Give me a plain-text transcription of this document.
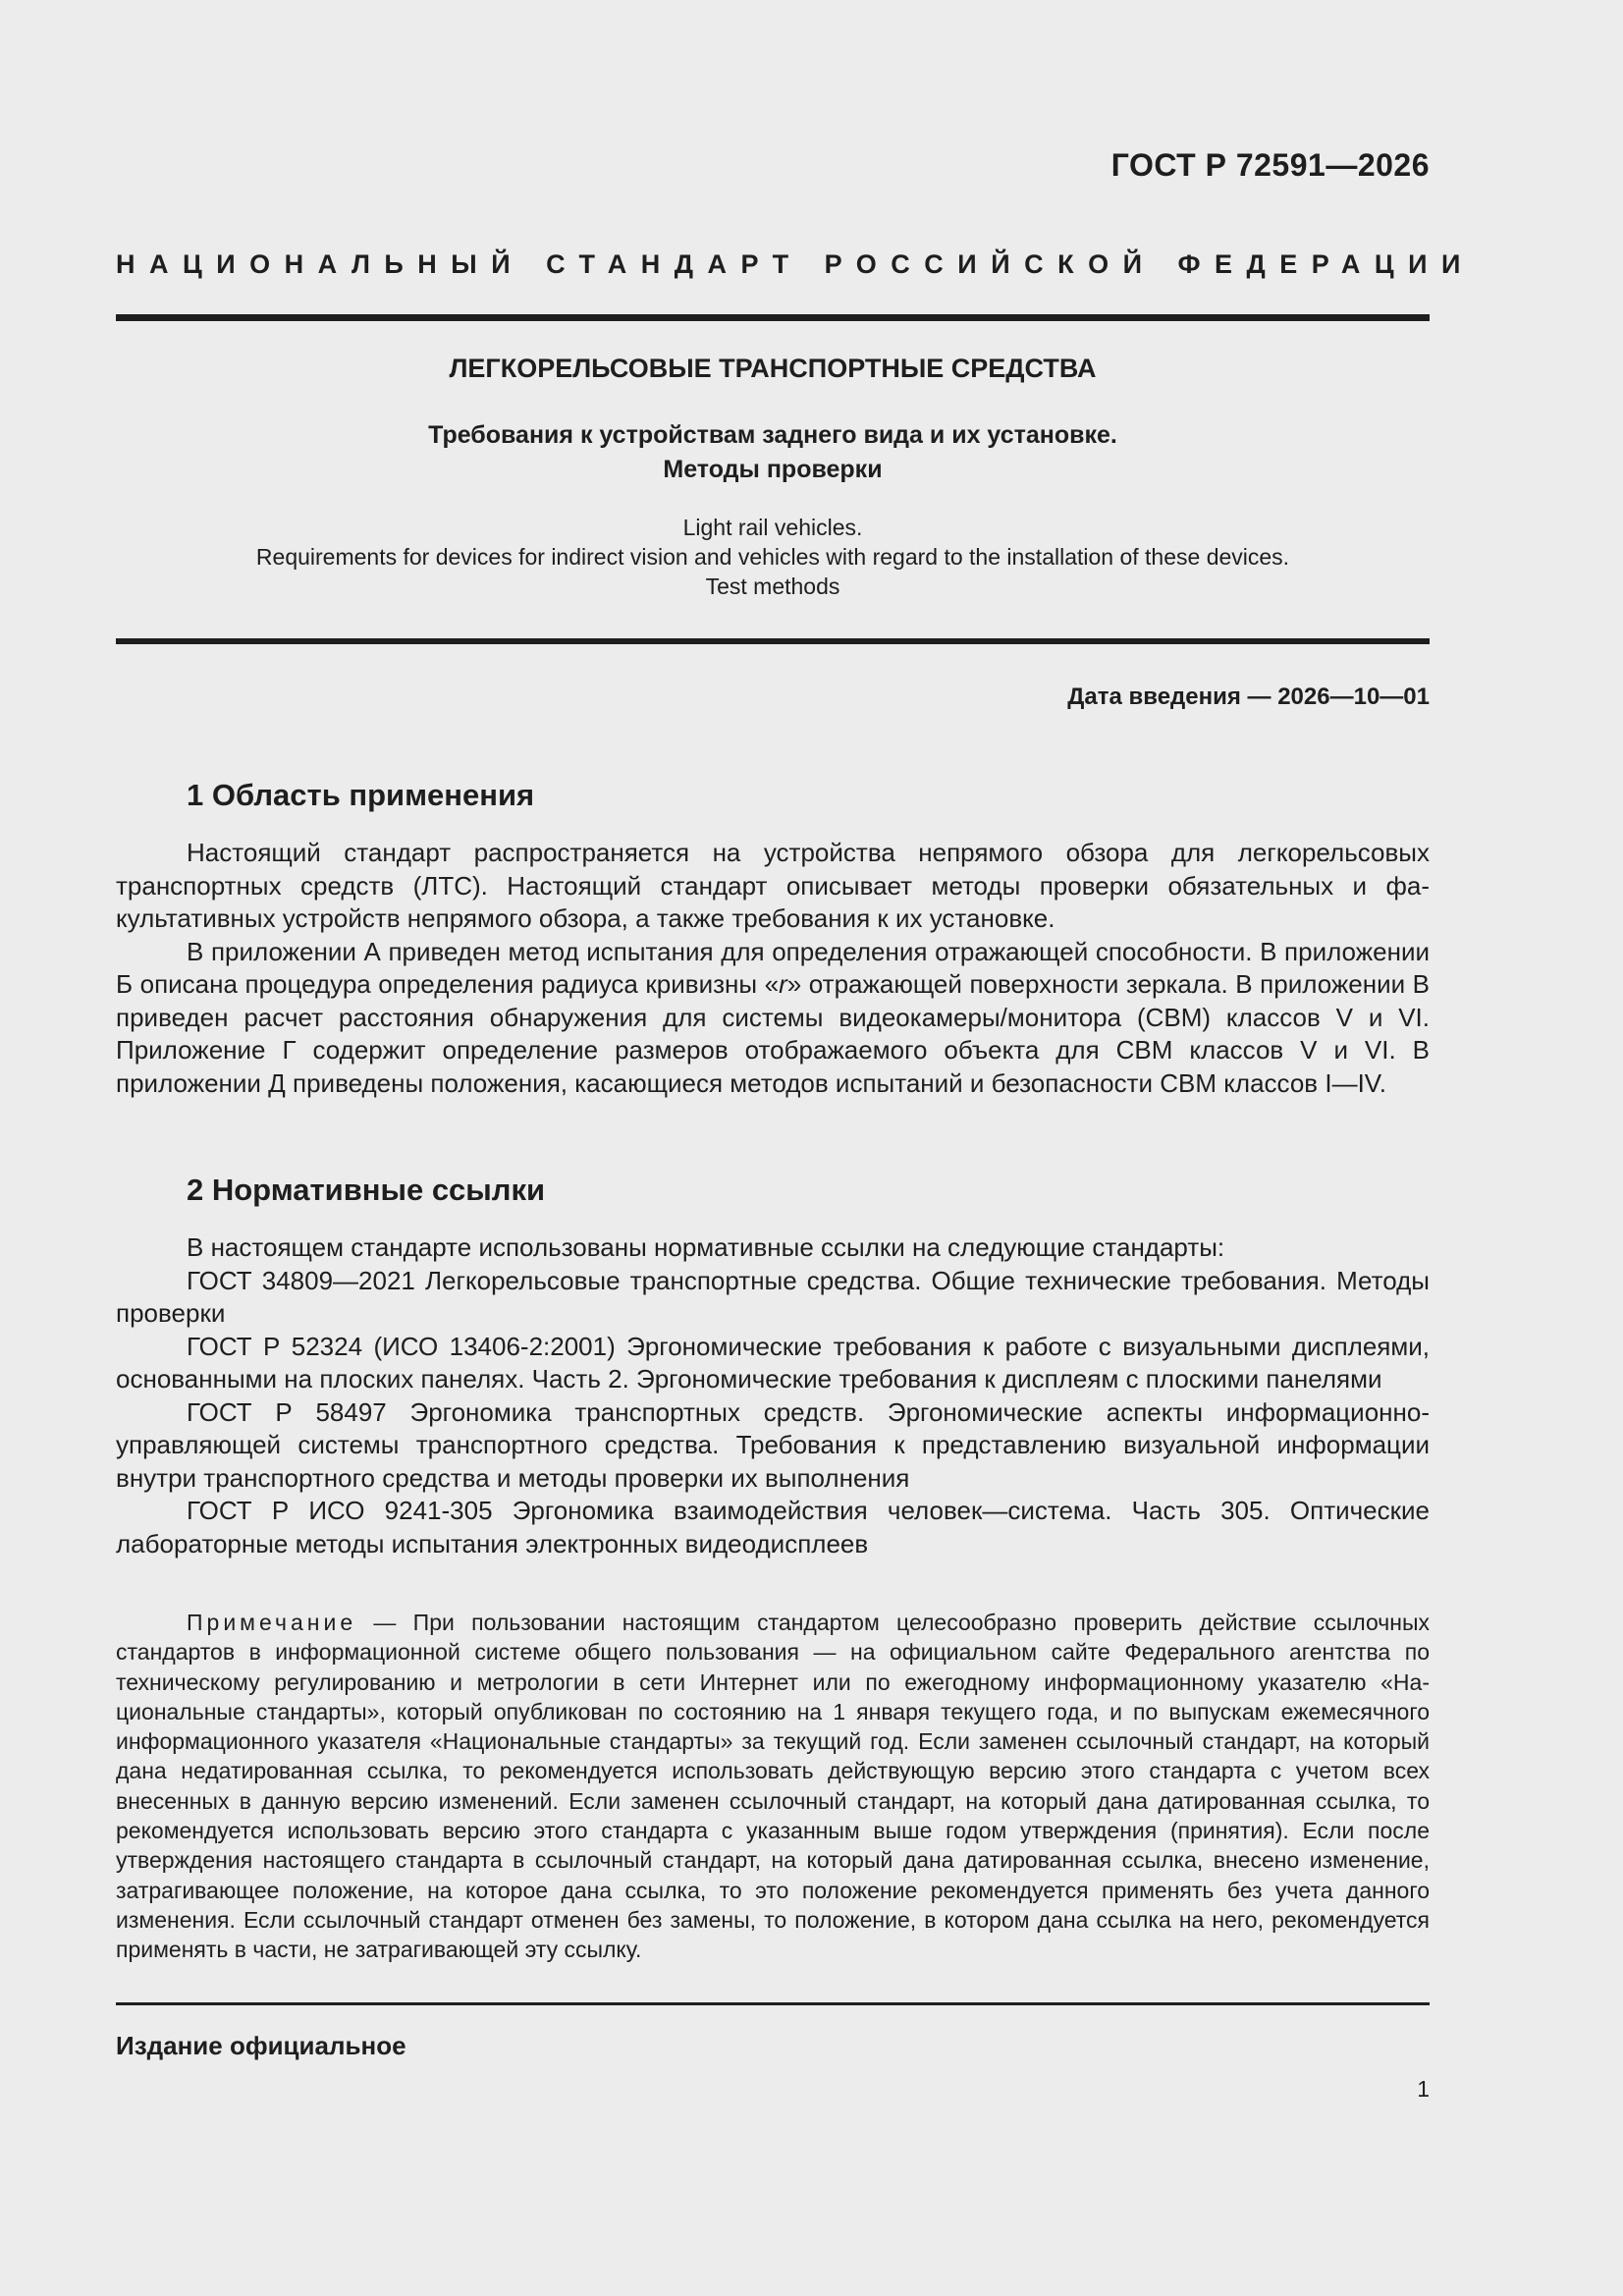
ГОСТ Р 72591—2026
НАЦИОНАЛЬНЫЙ СТАНДАРТ РОССИЙСКОЙ ФЕДЕРАЦИИ
ЛЕГКОРЕЛЬСОВЫЕ ТРАНСПОРТНЫЕ СРЕДСТВА
Требования к устройствам заднего вида и их установке.
Методы проверки
Light rail vehicles.
Requirements for devices for indirect vision and vehicles with regard to the installation of these devices.
Test methods
Дата введения — 2026—10—01
1 Область применения

Настоящий стандарт распространяется на устройства непрямого обзора для легкорельсовых транспортных средств (ЛТС). Настоящий стандарт описывает методы проверки обязательных и факультативных устройств непрямого обзора, а также требования к их установке.

В приложении А приведен метод испытания для определения отражающей способности. В приложении Б описана процедура определения радиуса кривизны «r» отражающей поверхности зеркала. В приложении В приведен расчет расстояния обнаружения для системы видеокамеры/монитора (СВМ) классов V и VI. Приложение Г содержит определение размеров отображаемого объекта для СВМ классов V и VI. В приложении Д приведены положения, касающиеся методов испытаний и безопасности СВМ классов I—IV.

2 Нормативные ссылки

В настоящем стандарте использованы нормативные ссылки на следующие стандарты:

ГОСТ 34809—2021 Легкорельсовые транспортные средства. Общие технические требования. Методы проверки

ГОСТ Р 52324 (ИСО 13406-2:2001) Эргономические требования к работе с визуальными дисплеями, основанными на плоских панелях. Часть 2. Эргономические требования к дисплеям с плоскими панелями

ГОСТ Р 58497 Эргономика транспортных средств. Эргономические аспекты информационно-управляющей системы транспортного средства. Требования к представлению визуальной информации внутри транспортного средства и методы проверки их выполнения

ГОСТ Р ИСО 9241-305 Эргономика взаимодействия человек—система. Часть 305. Оптические лабораторные методы испытания электронных видеодисплеев

Примечание — При пользовании настоящим стандартом целесообразно проверить действие ссылочных стандартов в информационной системе общего пользования — на официальном сайте Федерального агентства по техническому регулированию и метрологии в сети Интернет или по ежегодному информационному указателю «Национальные стандарты», который опубликован по состоянию на 1 января текущего года, и по выпускам ежемесячного информационного указателя «Национальные стандарты» за текущий год. Если заменен ссылочный стандарт, на который дана недатированная ссылка, то рекомендуется использовать действующую версию этого стандарта с учетом всех внесенных в данную версию изменений. Если заменен ссылочный стандарт, на который дана датированная ссылка, то рекомендуется использовать версию этого стандарта с указанным выше годом утверждения (принятия). Если после утверждения настоящего стандарта в ссылочный стандарт, на который дана датированная ссылка, внесено изменение, затрагивающее положение, на которое дана ссылка, то это положение рекомендуется применять без учета данного изменения. Если ссылочный стандарт отменен без замены, то положение, в котором дана ссылка на него, рекомендуется применять в части, не затрагивающей эту ссылку.
Издание официальное
1
